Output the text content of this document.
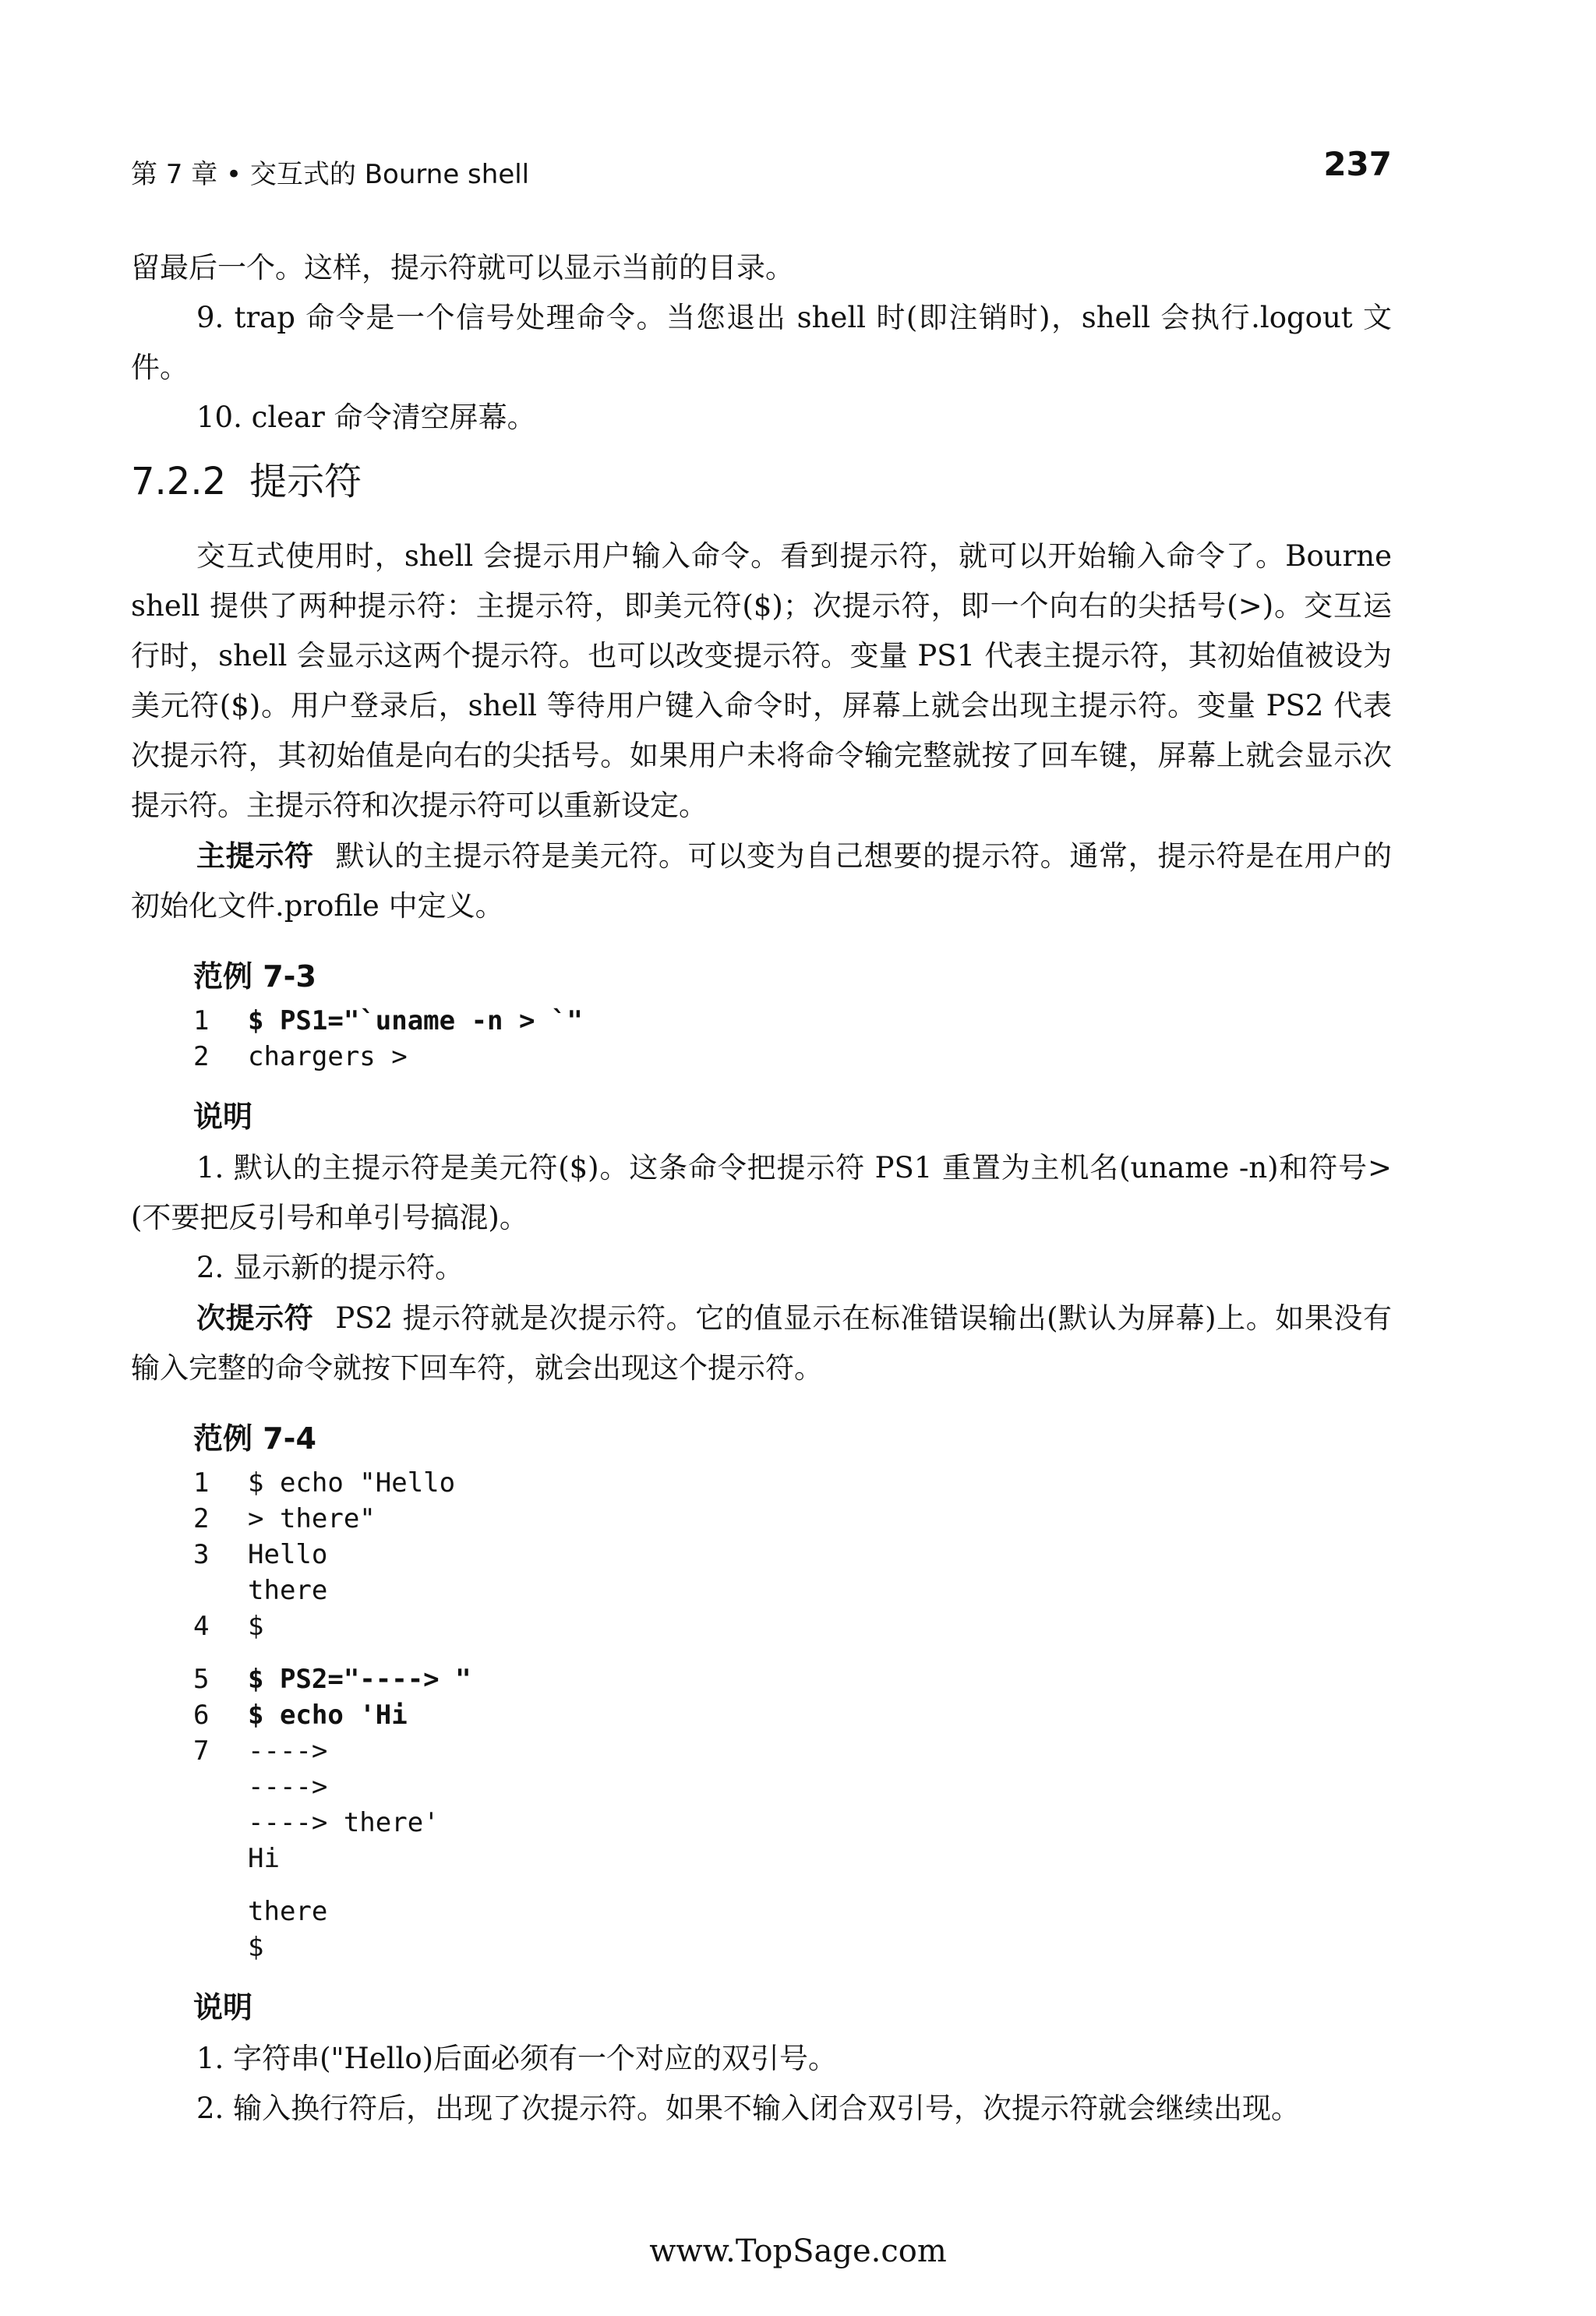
第 7 章 • 交互式的 Bourne shell	237

留最后一个。这样，提示符就可以显示当前的目录。

9. trap 命令是一个信号处理命令。当您退出 shell 时(即注销时)，shell 会执行.logout 文件。

10. clear 命令清空屏幕。

7.2.2 提示符

交互式使用时，shell 会提示用户输入命令。看到提示符，就可以开始输入命令了。Bourne shell 提供了两种提示符：主提示符，即美元符($)；次提示符，即一个向右的尖括号(>)。交互运行时，shell 会显示这两个提示符。也可以改变提示符。变量 PS1 代表主提示符，其初始值被设为美元符($)。用户登录后，shell 等待用户键入命令时，屏幕上就会出现主提示符。变量 PS2 代表次提示符，其初始值是向右的尖括号。如果用户未将命令输完整就按了回车键，屏幕上就会显示次提示符。主提示符和次提示符可以重新设定。

主提示符 默认的主提示符是美元符。可以变为自己想要的提示符。通常，提示符是在用户的初始化文件.profile 中定义。

范例 7-3
1	$ PS1="`uname -n > `"
2	chargers >
说明

1. 默认的主提示符是美元符($)。这条命令把提示符 PS1 重置为主机名(uname -n)和符号>(不要把反引号和单引号搞混)。

2. 显示新的提示符。

次提示符 PS2 提示符就是次提示符。它的值显示在标准错误输出(默认为屏幕)上。如果没有输入完整的命令就按下回车符，就会出现这个提示符。

范例 7-4
1	$ echo "Hello
2	> there"
3	Hello
there
4	$
5	$ PS2="----> "
6	$ echo 'Hi
7	---->
---->
----> there'
Hi
there
$
说明

1. 字符串("Hello)后面必须有一个对应的双引号。

2. 输入换行符后，出现了次提示符。如果不输入闭合双引号，次提示符就会继续出现。

www.TopSage.com
